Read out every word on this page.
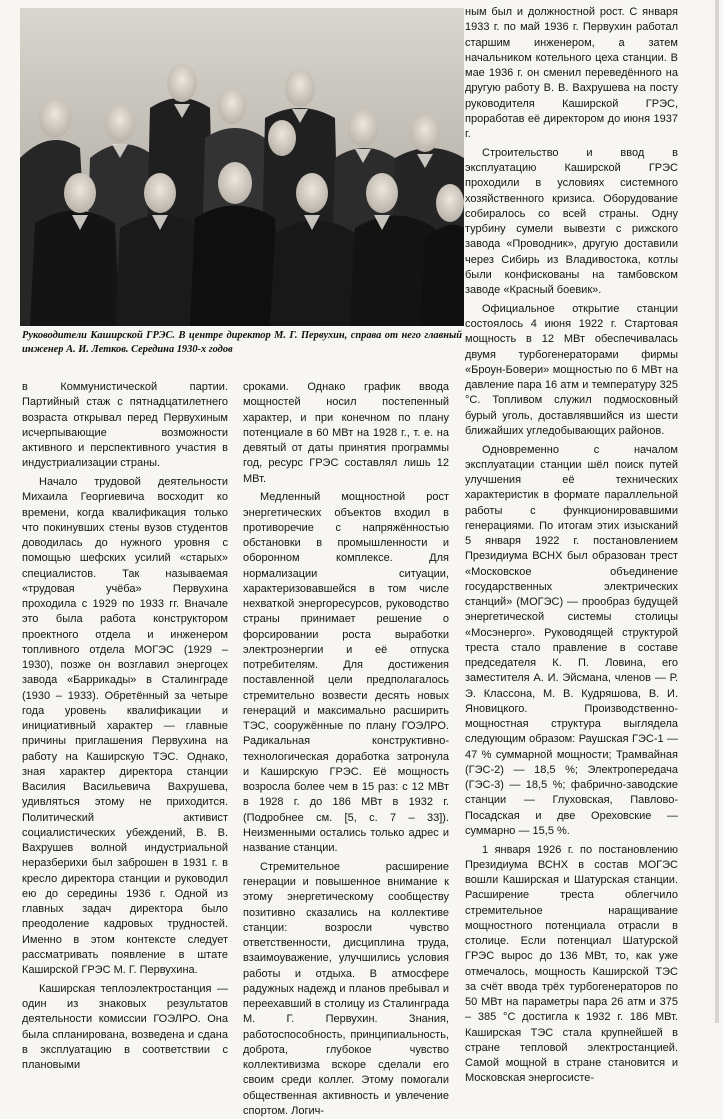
Руководители Каширской ГРЭС. В центре директор М. Г. Первухин, справа от него главный инженер А. И. Летков. Середина 1930-х годов

в Коммунистической партии. Партийный стаж с пятнадцатилетнего возраста открывал перед Первухиным исчерпывающие возможности активного и перспективного участия в индустриализации страны.

Начало трудовой деятельности Михаила Георгиевича восходит ко времени, когда квалификация только что покинувших стены вузов студентов доводилась до нужного уровня с помощью шефских усилий «старых» специалистов. Так называемая «трудовая учёба» Первухина проходила с 1929 по 1933 гг. Вначале это была работа конструктором проектного отдела и инженером топливного отдела МОГЭС (1929 – 1930), позже он возглавил энергоцех завода «Баррикады» в Сталинграде (1930 – 1933). Обретённый за четыре года уровень квалификации и инициативный характер — главные причины приглашения Первухина на работу на Каширскую ТЭС. Однако, зная характер директора станции Василия Васильевича Вахрушева, удивляться этому не приходится. Политический активист социалистических убеждений, В. В. Вахрушев волной индустриальной неразберихи был заброшен в 1931 г. в кресло директора станции и руководил ею до середины 1936 г. Одной из главных задач директора было преодоление кадровых трудностей. Именно в этом контексте следует рассматривать появление в штате Каширской ГРЭС М. Г. Первухина.

Каширская теплоэлектростанция — один из знаковых результатов деятельности комиссии ГОЭЛРО. Она была спланирована, возведена и сдана в эксплуатацию в соответствии с плановыми

сроками. Однако график ввода мощностей носил постепенный характер, и при конечном по плану потенциале в 60 МВт на 1928 г., т. е. на девятый от даты принятия программы год, ресурс ГРЭС составлял лишь 12 МВт.

Медленный мощностной рост энергетических объектов входил в противоречие с напряжённостью обстановки в промышленности и оборонном комплексе. Для нормализации ситуации, характеризовавшейся в том числе нехваткой энергоресурсов, руководство страны принимает решение о форсировании роста выработки электроэнергии и её отпуска потребителям. Для достижения поставленной цели предполагалось стремительно возвести десять новых генераций и максимально расширить ТЭС, сооружённые по плану ГОЭЛРО. Радикальная конструктивно-технологическая доработка затронула и Каширскую ГРЭС. Её мощность возросла более чем в 15 раз: с 12 МВт в 1928 г. до 186 МВт в 1932 г. (Подробнее см. [5, с. 7 – 33]). Неизменными остались только адрес и название станции.

Стремительное расширение генерации и повышенное внимание к этому энергетическому сообществу позитивно сказались на коллективе станции: возросли чувство ответственности, дисциплина труда, взаимоуважение, улучшились условия работы и отдыха. В атмосфере радужных надежд и планов пребывал и переехавший в столицу из Сталинграда М. Г. Первухин. Знания, работоспособность, принципиальность, доброта, глубокое чувство коллективизма вскоре сделали его своим среди коллег. Этому помогали общественная активность и увлечение спортом. Логич-

ным был и должностной рост. С января 1933 г. по май 1936 г. Первухин работал старшим инженером, а затем начальником котельного цеха станции. В мае 1936 г. он сменил переведённого на другую работу В. В. Вахрушева на посту руководителя Каширской ГРЭС, проработав её директором до июня 1937 г.

Строительство и ввод в эксплуатацию Каширской ГРЭС проходили в условиях системного хозяйственного кризиса. Оборудование собиралось со всей страны. Одну турбину сумели вывезти с рижского завода «Проводник», другую доставили через Сибирь из Владивостока, котлы были конфискованы на тамбовском заводе «Красный боевик».

Официальное открытие станции состоялось 4 июня 1922 г. Стартовая мощность в 12 МВт обеспечивалась двумя турбогенераторами фирмы «Броун-Бовери» мощностью по 6 МВт на давление пара 16 атм и температуру 325 °С. Топливом служил подмосковный бурый уголь, доставлявшийся из шести ближайших угледобывающих районов.

Одновременно с началом эксплуатации станции шёл поиск путей улучшения её технических характеристик в формате параллельной работы с функционировавшими генерациями. По итогам этих изысканий 5 января 1922 г. постановлением Президиума ВСНХ был образован трест «Московское объединение государственных электрических станций» (МОГЭС) — прообраз будущей энергетической системы столицы «Мосэнерго». Руководящей структурой треста стало правление в составе председателя К. П. Ловина, его заместителя А. И. Эйсмана, членов — Р. Э. Классона, М. В. Кудряшова, В. И. Яновицкого. Производственно-мощностная структура выглядела следующим образом: Раушская ГЭС-1 — 47 % суммарной мощности; Трамвайная (ГЭС-2) — 18,5 %; Электропередача (ГЭС-3) — 18,5 %; фабрично-заводские станции — Глуховская, Павлово-Посадская и две Ореховские — суммарно — 15,5 %.

1 января 1926 г. по постановлению Президиума ВСНХ в состав МОГЭС вошли Каширская и Шатурская станции. Расширение треста облегчило стремительное наращивание мощностного потенциала отрасли в столице. Если потенциал Шатурской ГРЭС вырос до 136 МВт, то, как уже отмечалось, мощность Каширской ТЭС за счёт ввода трёх турбогенераторов по 50 МВт на параметры пара 26 атм и 375 – 385 °С достигла к 1932 г. 186 МВт. Каширская ТЭС стала крупнейшей в стране тепловой электростанцией. Самой мощной в стране становится и Московская энергосисте-
